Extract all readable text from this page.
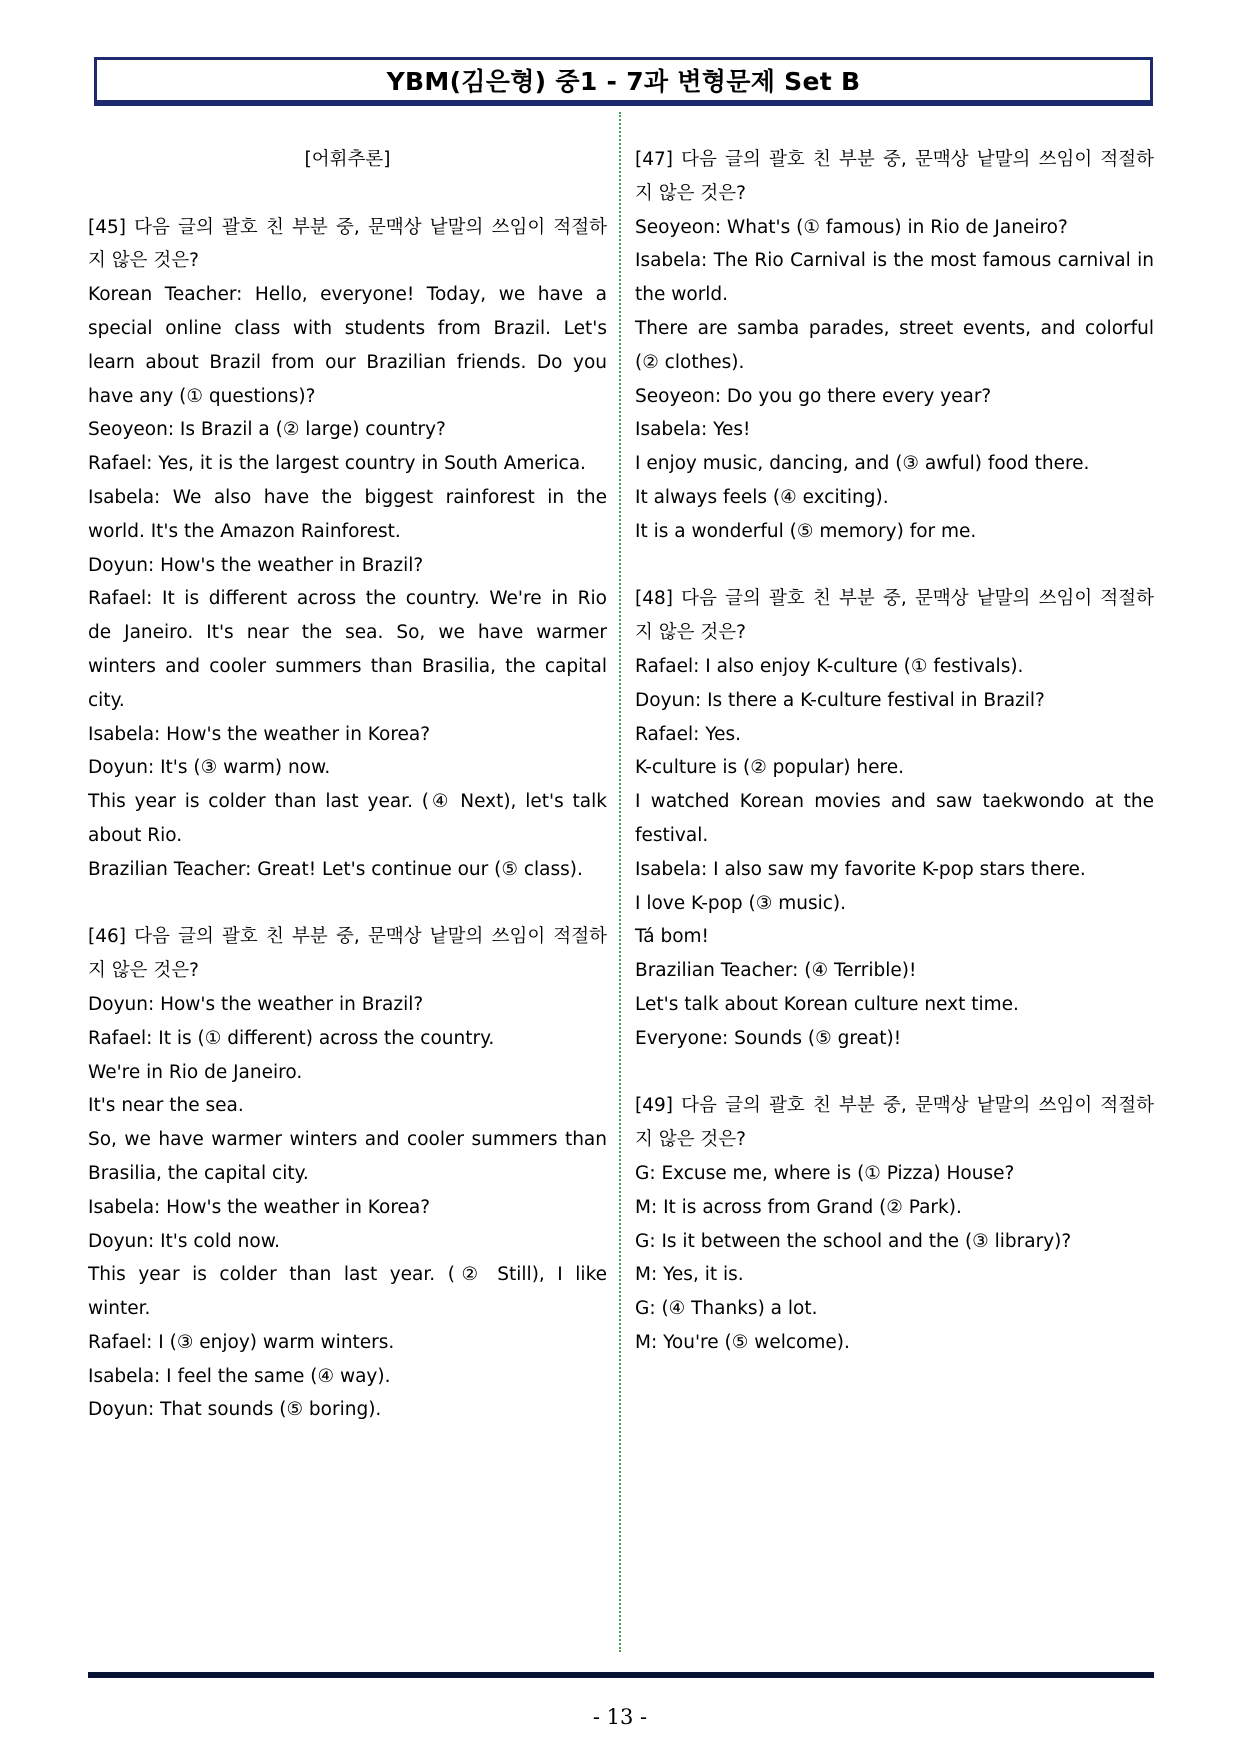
YBM(김은형) 중1 - 7과 변형문제 Set B
[어휘추론]
[45] 다음 글의 괄호 친 부분 중, 문맥상 낱말의 쓰임이 적절하
지 않은 것은?
Korean Teacher: Hello, everyone! Today, we have a
special online class with students from Brazil. Let's
learn about Brazil from our Brazilian friends. Do you
have any (① questions)?
Seoyeon: Is Brazil a (② large) country?
Rafael: Yes, it is the largest country in South America.
Isabela: We also have the biggest rainforest in the
world. It's the Amazon Rainforest.
Doyun: How's the weather in Brazil?
Rafael: It is different across the country. We're in Rio
de Janeiro. It's near the sea. So, we have warmer
winters and cooler summers than Brasilia, the capital
city.
Isabela: How's the weather in Korea?
Doyun: It's (③ warm) now.
This year is colder than last year. (④ Next), let's talk
about Rio.
Brazilian Teacher: Great! Let's continue our (⑤ class).
[46] 다음 글의 괄호 친 부분 중, 문맥상 낱말의 쓰임이 적절하
지 않은 것은?
Doyun: How's the weather in Brazil?
Rafael: It is (① different) across the country.
We're in Rio de Janeiro.
It's near the sea.
So, we have warmer winters and cooler summers than
Brasilia, the capital city.
Isabela: How's the weather in Korea?
Doyun: It's cold now.
This year is colder than last year. (② Still), I like
winter.
Rafael: I (③ enjoy) warm winters.
Isabela: I feel the same (④ way).
Doyun: That sounds (⑤ boring).
[47] 다음 글의 괄호 친 부분 중, 문맥상 낱말의 쓰임이 적절하
지 않은 것은?
Seoyeon: What's (① famous) in Rio de Janeiro?
Isabela: The Rio Carnival is the most famous carnival in
the world.
There are samba parades, street events, and colorful
(② clothes).
Seoyeon: Do you go there every year?
Isabela: Yes!
I enjoy music, dancing, and (③ awful) food there.
It always feels (④ exciting).
It is a wonderful (⑤ memory) for me.
[48] 다음 글의 괄호 친 부분 중, 문맥상 낱말의 쓰임이 적절하
지 않은 것은?
Rafael: I also enjoy K-culture (① festivals).
Doyun: Is there a K-culture festival in Brazil?
Rafael: Yes.
K-culture is (② popular) here.
I watched Korean movies and saw taekwondo at the
festival.
Isabela: I also saw my favorite K-pop stars there.
I love K-pop (③ music).
Tá bom!
Brazilian Teacher: (④ Terrible)!
Let's talk about Korean culture next time.
Everyone: Sounds (⑤ great)!
[49] 다음 글의 괄호 친 부분 중, 문맥상 낱말의 쓰임이 적절하
지 않은 것은?
G: Excuse me, where is (① Pizza) House?
M: It is across from Grand (② Park).
G: Is it between the school and the (③ library)?
M: Yes, it is.
G: (④ Thanks) a lot.
M: You're (⑤ welcome).
- 13 -
